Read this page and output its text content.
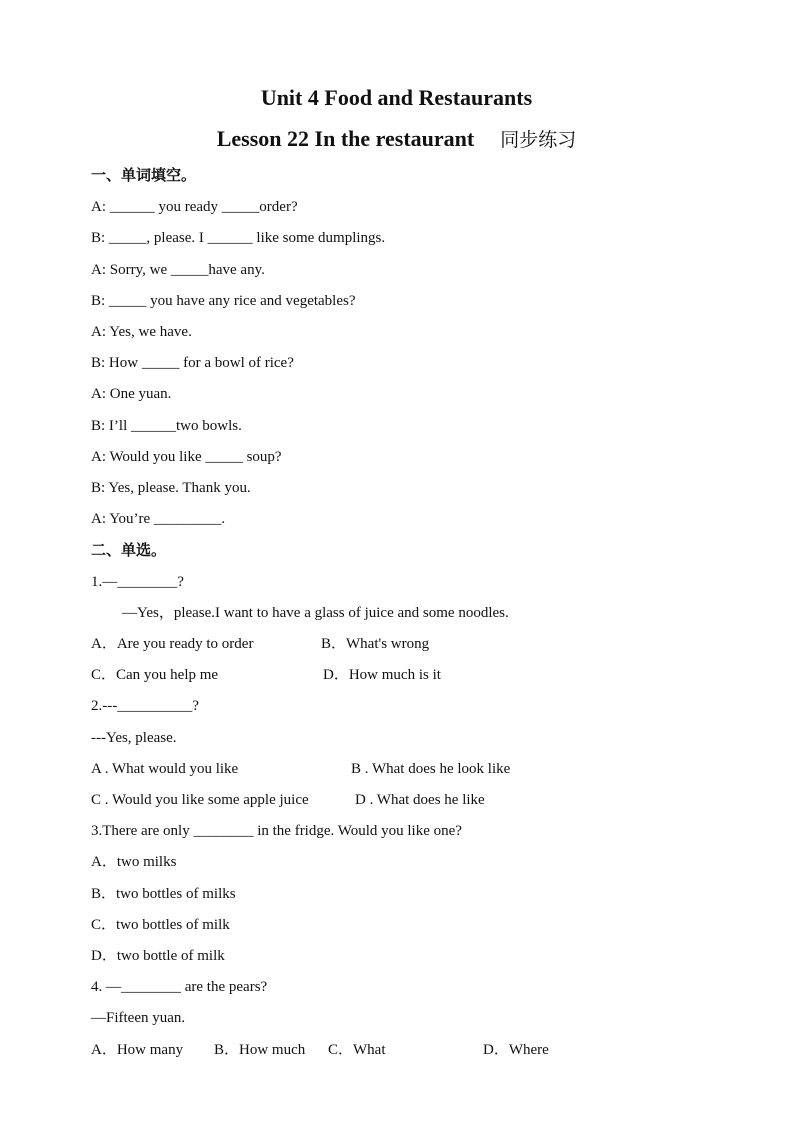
Unit 4 Food and Restaurants
Lesson 22 In the restaurant 同步练习
一、单词填空。
A: ______ you ready _____order?
B: _____, please. I ______ like some dumplings.
A: Sorry, we _____have any.
B: _____ you have any rice and vegetables?
A: Yes, we have.
B: How _____ for a bowl of rice?
A: One yuan.
B: I’ll ______two bowls.
A: Would you like _____ soup?
B: Yes, please. Thank you.
A: You’re _________.
二、单选。
1.—________?
—Yes，please.I want to have a glass of juice and some noodles.
A．Are you ready to order	B．What's wrong
C．Can you help me	D．How much is it
2.---__________?
---Yes, please.
A . What would you like	B . What does he look like
C . Would you like some apple juice	D . What does he like
3.There are only ________ in the fridge. Would you like one?
A．two milks
B．two bottles of milks
C．two bottles of milk
D．two bottle of milk
4. —________ are the pears?
—Fifteen yuan.
A．How many B．How much C．What	D．Where
